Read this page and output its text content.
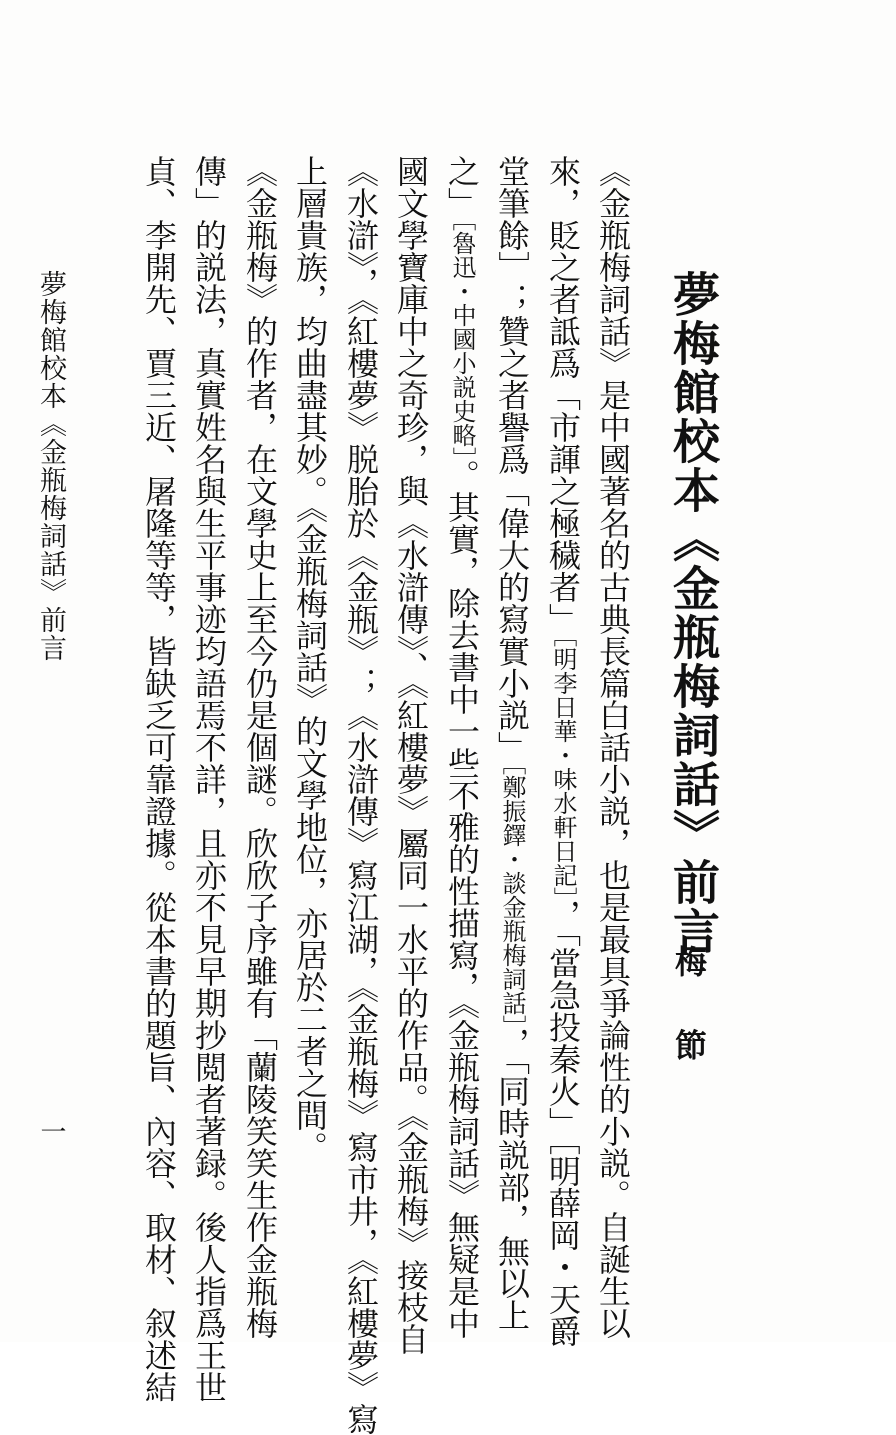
夢梅館校本《金瓶梅詞話》前言
梅 節
《金瓶梅詞話》是中國著名的古典長篇白話小説，也是最具爭論性的小説。自誕生以
來，貶之者詆爲「市諢之極穢者」［明李日華・味水軒日記］，「當急投秦火」［明薛岡・天爵
堂筆餘］；贊之者譽爲「偉大的寫實小説」［鄭振鐸・談金瓶梅詞話］，「同時説部，無以上
之」［魯迅・中國小説史略］。其實，除去書中一些不雅的性描寫，《金瓶梅詞話》無疑是中
國文學寶庫中之奇珍，與《水滸傳》、《紅樓夢》屬同一水平的作品。《金瓶梅》接枝自
《水滸》，《紅樓夢》脱胎於《金瓶》；《水滸傳》寫江湖，《金瓶梅》寫市井，《紅樓夢》寫
上層貴族，均曲盡其妙。《金瓶梅詞話》的文學地位，亦居於二者之間。
《金瓶梅》的作者，在文學史上至今仍是個謎。欣欣子序雖有「蘭陵笑笑生作金瓶梅
傳」的説法，真實姓名與生平事迹均語焉不詳，且亦不見早期抄閲者著録。後人指爲王世
貞、李開先、賈三近、屠隆等等，皆缺乏可靠證據。從本書的題旨、內容、取材、叙述結
夢梅館校本《金瓶梅詞話》前言
一
